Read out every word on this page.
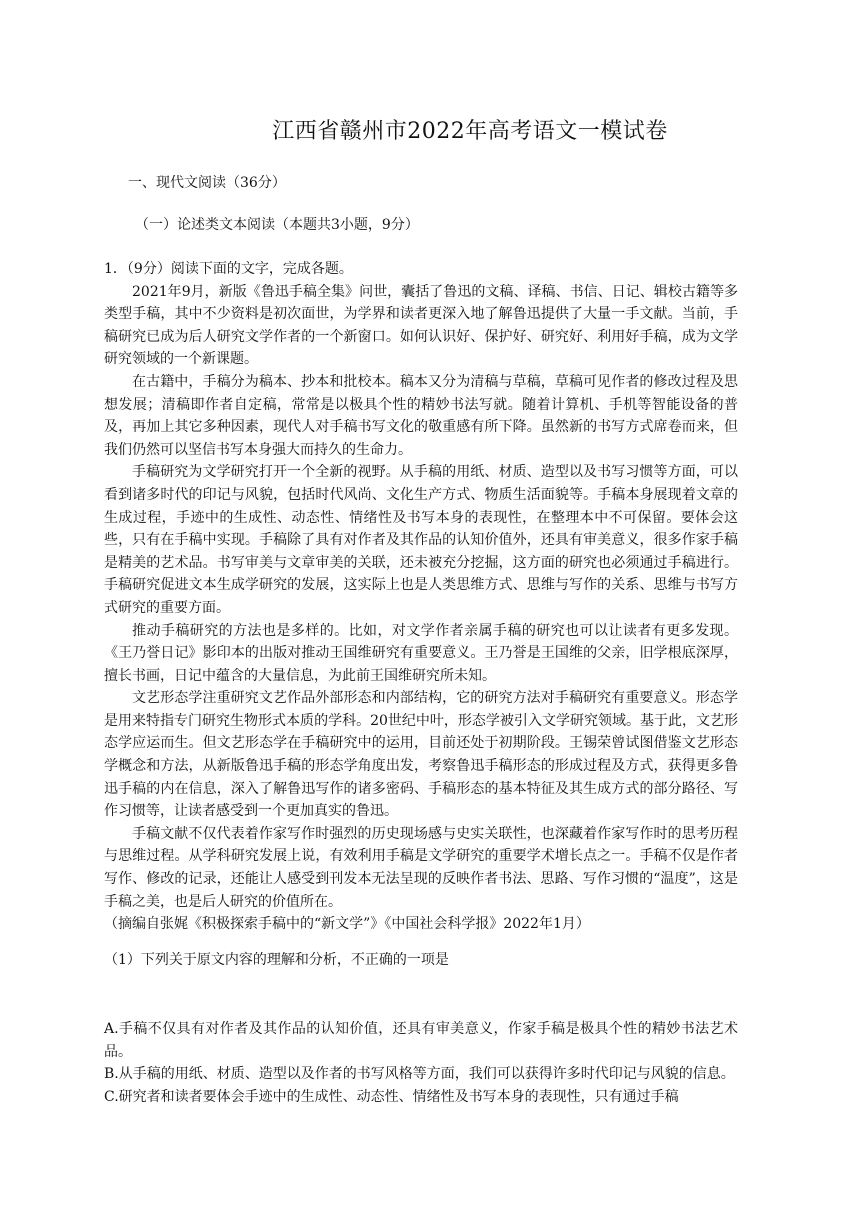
江西省赣州市2022年高考语文一模试卷
一、现代文阅读（36分）
（一）论述类文本阅读（本题共3小题，9分）

1．（9分）阅读下面的文字，完成各题。

2021年9月，新版《鲁迅手稿全集》问世，囊括了鲁迅的文稿、译稿、书信、日记、辑校古籍等多类型手稿，其中不少资料是初次面世，为学界和读者更深入地了解鲁迅提供了大量一手文献。当前，手稿研究已成为后人研究文学作者的一个新窗口。如何认识好、保护好、研究好、利用好手稿，成为文学研究领域的一个新课题。

在古籍中，手稿分为稿本、抄本和批校本。稿本又分为清稿与草稿，草稿可见作者的修改过程及思想发展；清稿即作者自定稿，常常是以极具个性的精妙书法写就。随着计算机、手机等智能设备的普及，再加上其它多种因素，现代人对手稿书写文化的敬重感有所下降。虽然新的书写方式席卷而来，但我们仍然可以坚信书写本身强大而持久的生命力。

手稿研究为文学研究打开一个全新的视野。从手稿的用纸、材质、造型以及书写习惯等方面，可以看到诸多时代的印记与风貌，包括时代风尚、文化生产方式、物质生活面貌等。手稿本身展现着文章的生成过程，手迹中的生成性、动态性、情绪性及书写本身的表现性，在整理本中不可保留。要体会这些，只有在手稿中实现。手稿除了具有对作者及其作品的认知价值外，还具有审美意义，很多作家手稿是精美的艺术品。书写审美与文章审美的关联，还未被充分挖掘，这方面的研究也必须通过手稿进行。手稿研究促进文本生成学研究的发展，这实际上也是人类思维方式、思维与写作的关系、思维与书写方式研究的重要方面。

推动手稿研究的方法也是多样的。比如，对文学作者亲属手稿的研究也可以让读者有更多发现。《王乃誉日记》影印本的出版对推动王国维研究有重要意义。王乃誉是王国维的父亲，旧学根底深厚，擅长书画，日记中蕴含的大量信息，为此前王国维研究所未知。

文艺形态学注重研究文艺作品外部形态和内部结构，它的研究方法对手稿研究有重要意义。形态学是用来特指专门研究生物形式本质的学科。20世纪中叶，形态学被引入文学研究领域。基于此，文艺形态学应运而生。但文艺形态学在手稿研究中的运用，目前还处于初期阶段。王锡荣曾试图借鉴文艺形态学概念和方法，从新版鲁迅手稿的形态学角度出发，考察鲁迅手稿形态的形成过程及方式，获得更多鲁迅手稿的内在信息，深入了解鲁迅写作的诸多密码、手稿形态的基本特征及其生成方式的部分路径、写作习惯等，让读者感受到一个更加真实的鲁迅。

手稿文献不仅代表着作家写作时强烈的历史现场感与史实关联性，也深藏着作家写作时的思考历程与思维过程。从学科研究发展上说，有效利用手稿是文学研究的重要学术增长点之一。手稿不仅是作者写作、修改的记录，还能让人感受到刊发本无法呈现的反映作者书法、思路、写作习惯的“温度”，这是手稿之美，也是后人研究的价值所在。

（摘编自张娓《积极探索手稿中的“新文学”》《中国社会科学报》2022年1月）

（1）下列关于原文内容的理解和分析，不正确的一项是

A.手稿不仅具有对作者及其作品的认知价值，还具有审美意义，作家手稿是极具个性的精妙书法艺术品。

B.从手稿的用纸、材质、造型以及作者的书写风格等方面，我们可以获得许多时代印记与风貌的信息。

C.研究者和读者要体会手迹中的生成性、动态性、情绪性及书写本身的表现性，只有通过手稿
